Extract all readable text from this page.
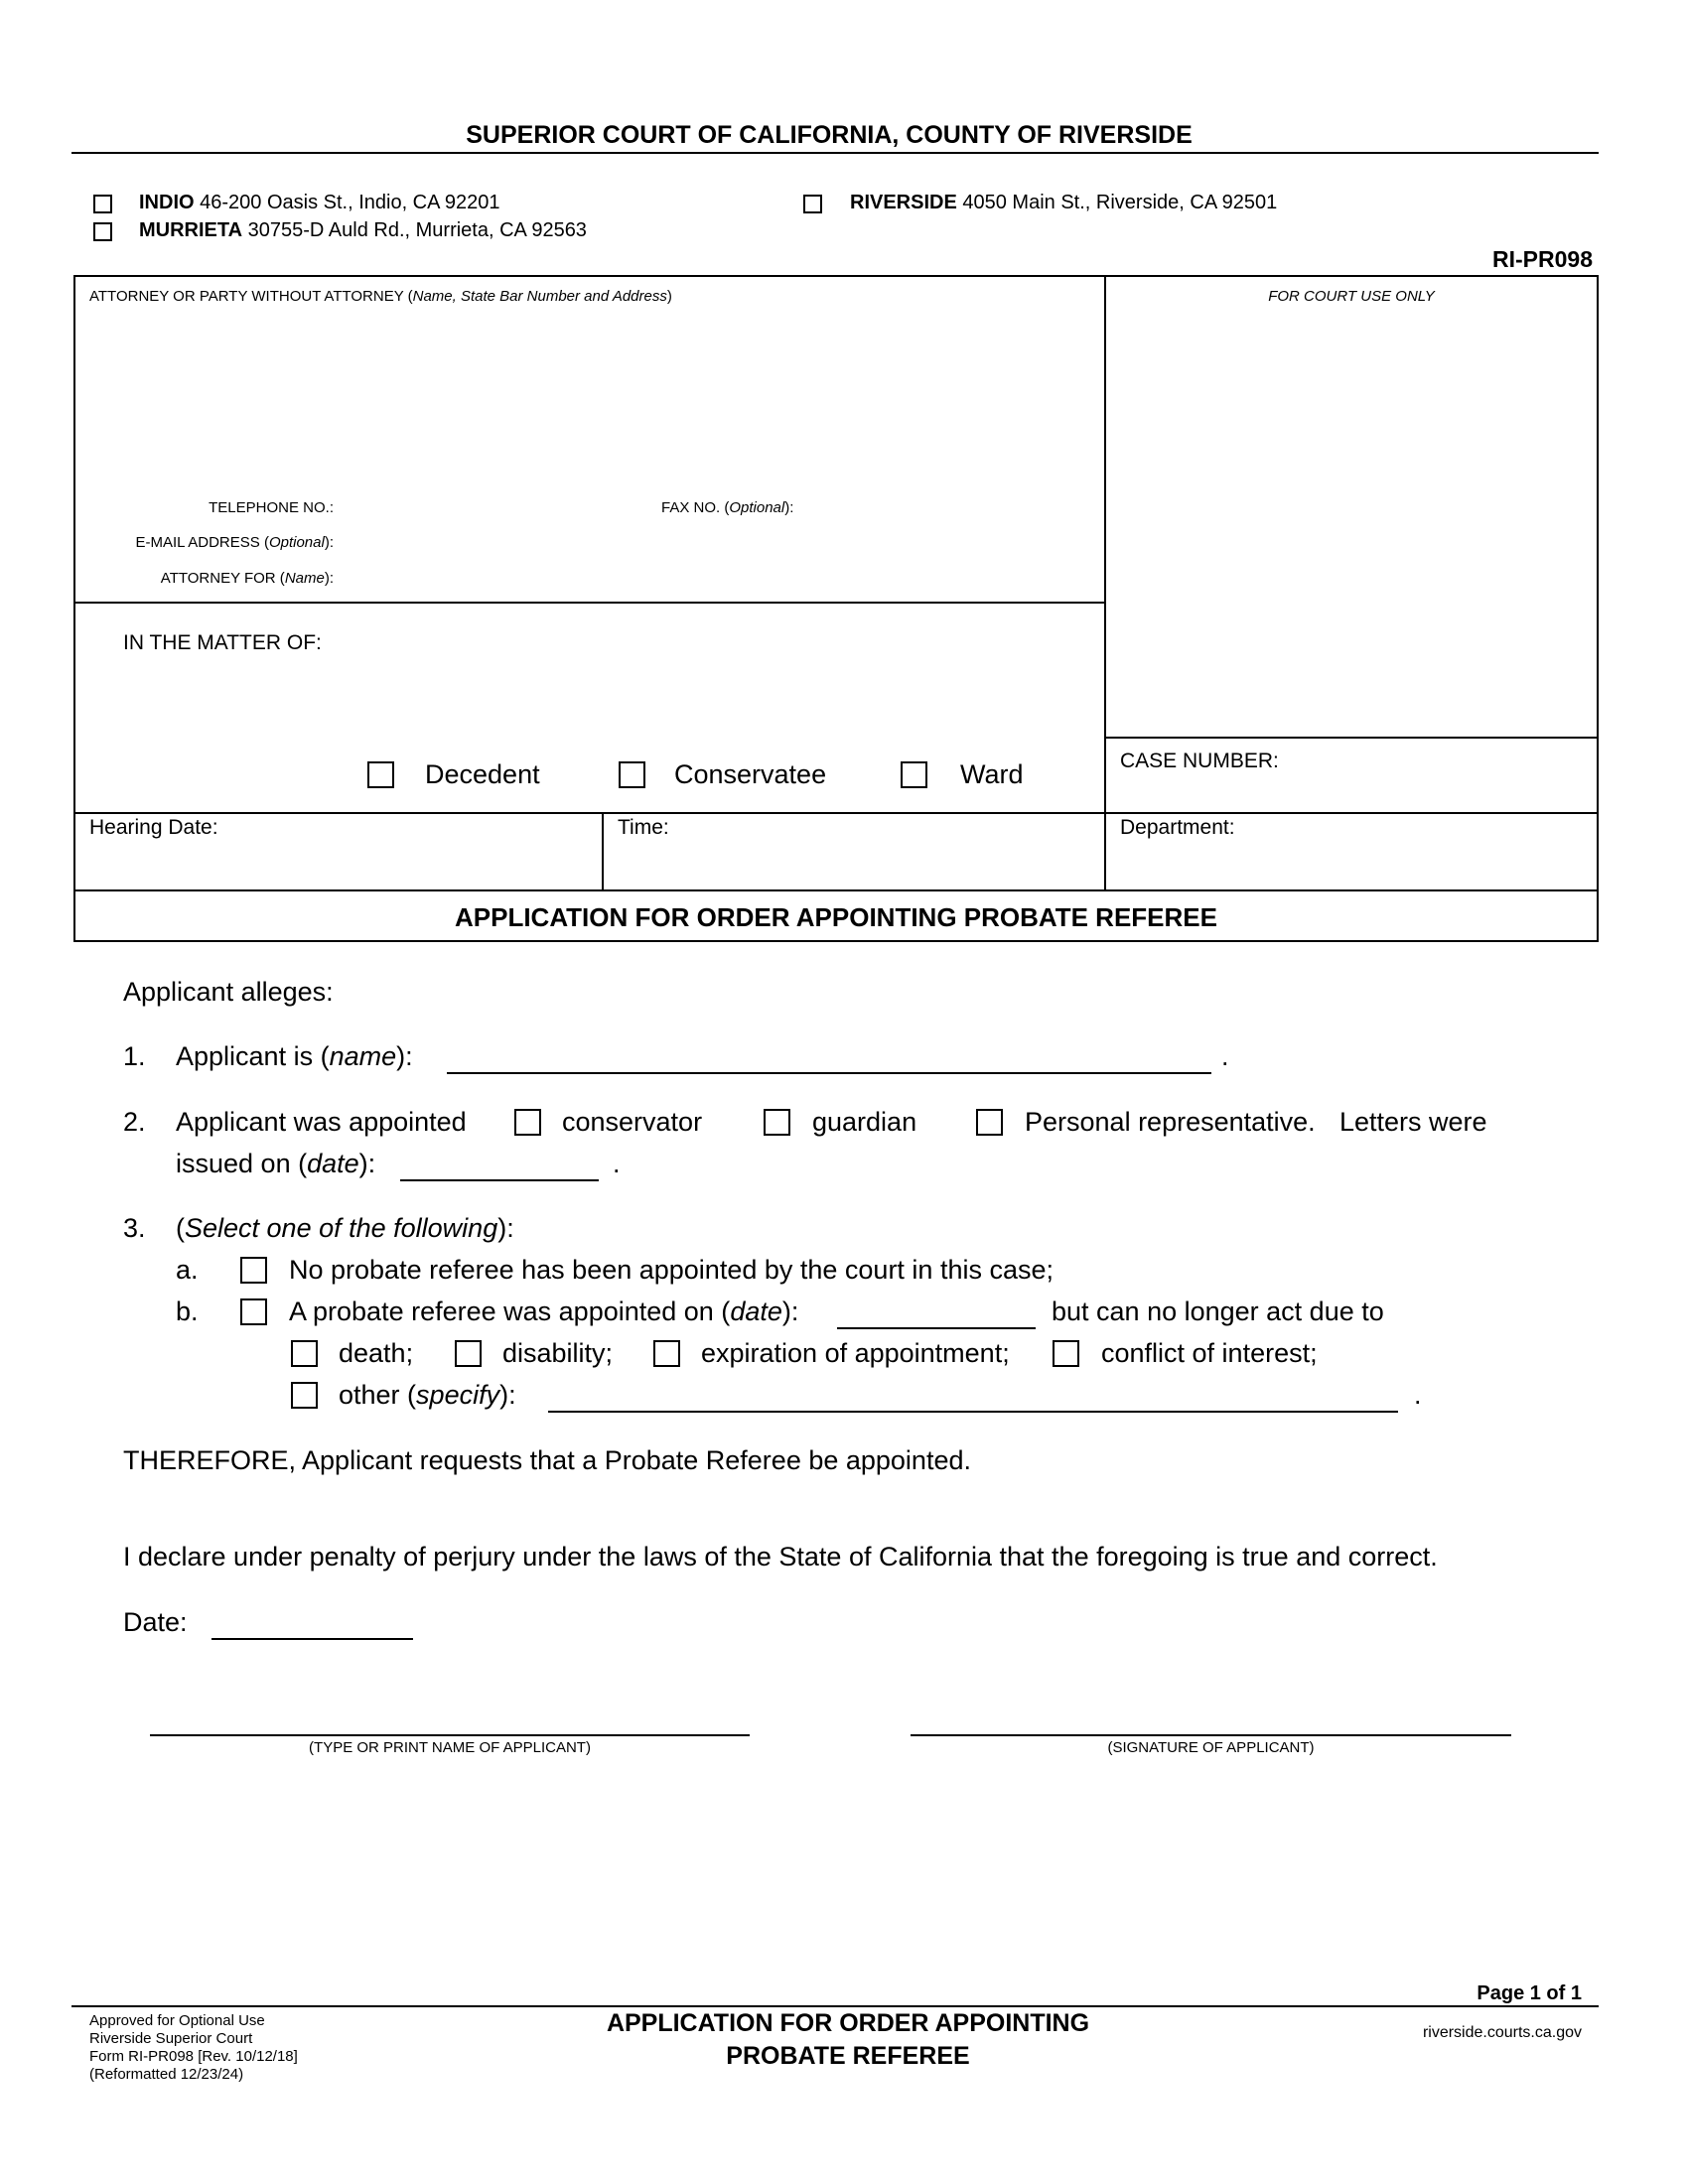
SUPERIOR COURT OF CALIFORNIA, COUNTY OF RIVERSIDE
INDIO 46-200 Oasis St., Indio, CA 92201
MURRIETA 30755-D Auld Rd., Murrieta, CA 92563
RIVERSIDE 4050 Main St., Riverside, CA 92501
RI-PR098
ATTORNEY OR PARTY WITHOUT ATTORNEY (Name, State Bar Number and Address)	FOR COURT USE ONLY
TELEPHONE NO.:	FAX NO. (Optional):
E-MAIL ADDRESS (Optional):
ATTORNEY FOR (Name):
IN THE MATTER OF:
Decedent	Conservatee	Ward	CASE NUMBER:
Hearing Date:	Time:	Department:
APPLICATION FOR ORDER APPOINTING PROBATE REFEREE
Applicant alleges:
1. Applicant is (name):	.
2. Applicant was appointed	conservator	guardian	Personal representative. Letters were
issued on (date):	.
3. (Select one of the following):
a.	No probate referee has been appointed by the court in this case;
b.	A probate referee was appointed on (date):	but can no longer act due to
death;	disability;	expiration of appointment;	conflict of interest;
other (specify):	.
THEREFORE, Applicant requests that a Probate Referee be appointed.
I declare under penalty of perjury under the laws of the State of California that the foregoing is true and correct.
Date:
(TYPE OR PRINT NAME OF APPLICANT)	(SIGNATURE OF APPLICANT)
Page 1 of 1
Approved for Optional Use
Riverside Superior Court
Form RI-PR098 [Rev. 10/12/18]
(Reformatted 12/23/24)
APPLICATION FOR ORDER APPOINTING
PROBATE REFEREE
riverside.courts.ca.gov
